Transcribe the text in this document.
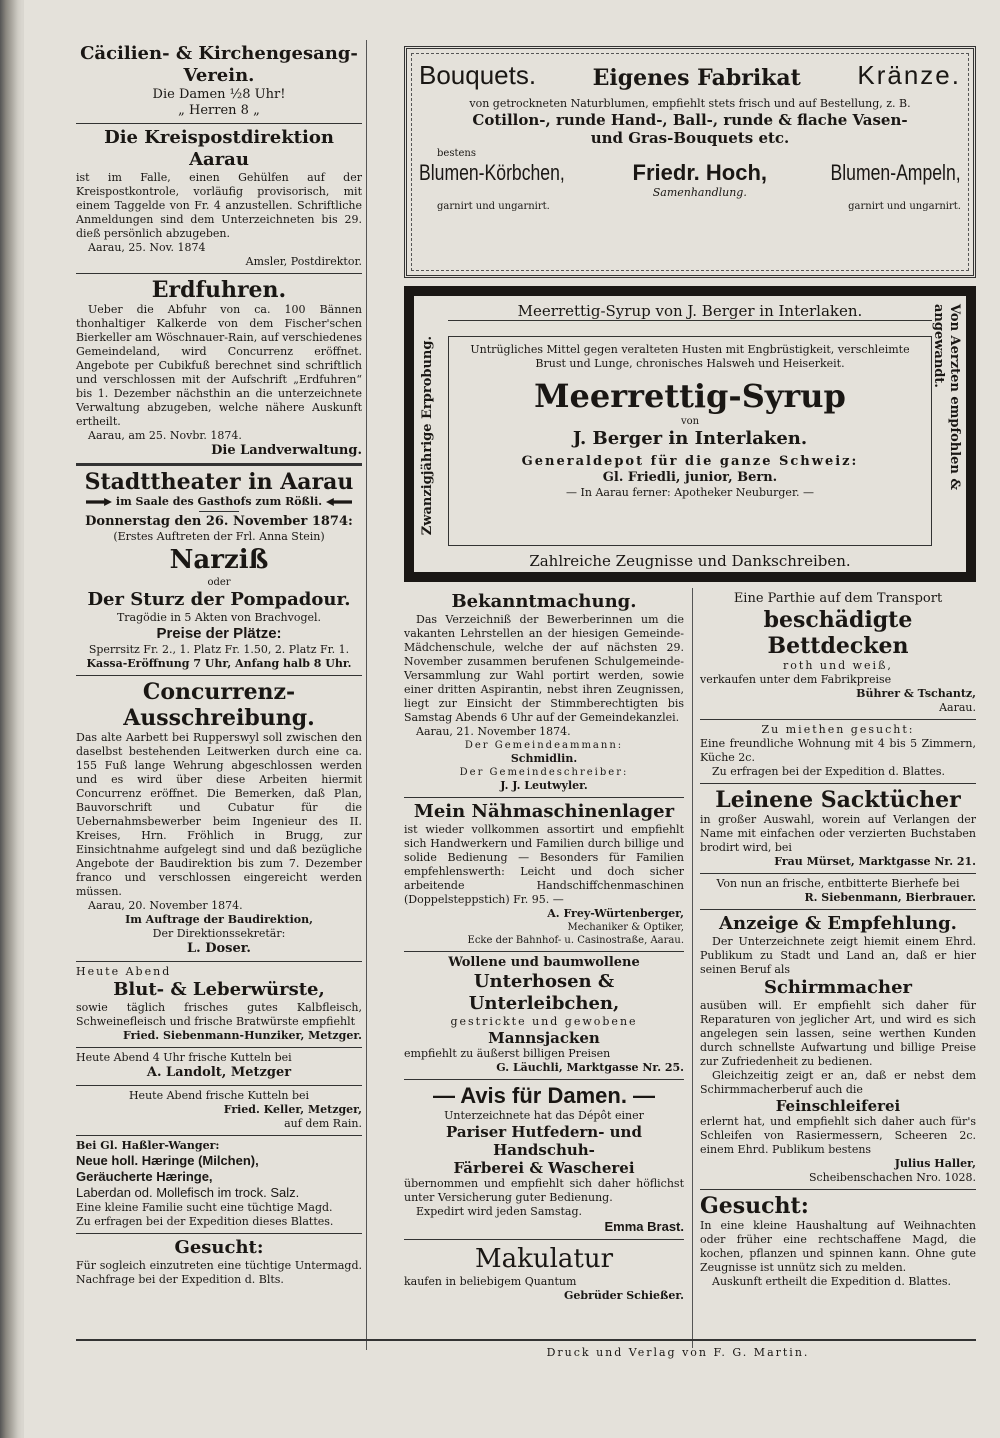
Cäcilien- & Kirchengesang-Verein.
Die Damen ½8 Uhr!
„ Herren 8 „
Die Kreispostdirektion Aarau
ist im Falle, einen Gehülfen auf der Kreispostkontrole, vorläufig provisorisch, mit einem Taggelde von Fr. 4 anzustellen. Schriftliche Anmeldungen sind dem Unterzeichneten bis 29. dieß persönlich abzugeben.
Aarau, 25. Nov. 1874
Amsler, Postdirektor.
Erdfuhren.
Ueber die Abfuhr von ca. 100 Bännen thonhaltiger Kalkerde von dem Fischer'schen Bierkeller am Wöschnauer-Rain, auf verschiedenes Gemeindeland, wird Concurrenz eröffnet. Angebote per Cubikfuß berechnet sind schriftlich und verschlossen mit der Aufschrift „Erdfuhren“ bis 1. Dezember nächsthin an die unterzeichnete Verwaltung abzugeben, welche nähere Auskunft ertheilt.
Aarau, am 25. Novbr. 1874.
Die Landverwaltung.
Stadttheater in Aarau
im Saale des Gasthofs zum Rößli.
Donnerstag den 26. November 1874:
(Erstes Auftreten der Frl. Anna Stein)
Narziß
oder
Der Sturz der Pompadour.
Tragödie in 5 Akten von Brachvogel.
Preise der Plätze:
Sperrsitz Fr. 2., 1. Platz Fr. 1.50, 2. Platz Fr. 1.
Kassa-Eröffnung 7 Uhr, Anfang halb 8 Uhr.
Concurrenz-Ausschreibung.
Das alte Aarbett bei Rupperswyl soll zwischen den daselbst bestehenden Leitwerken durch eine ca. 155 Fuß lange Wehrung abgeschlossen werden und es wird über diese Arbeiten hiermit Concurrenz eröffnet. Die Bemerken, daß Plan, Bauvorschrift und Cubatur für die Uebernahmsbewerber beim Ingenieur des II. Kreises, Hrn. Fröhlich in Brugg, zur Einsichtnahme aufgelegt sind und daß bezügliche Angebote der Baudirektion bis zum 7. Dezember franco und verschlossen eingereicht werden müssen.
Aarau, 20. November 1874.
Im Auftrage der Baudirektion,
Der Direktionssekretär:
L. Doser.
Heute Abend
Blut- & Leberwürste,
sowie täglich frisches gutes Kalbfleisch, Schweinefleisch und frische Bratwürste empfiehlt
Fried. Siebenmann-Hunziker, Metzger.
Heute Abend 4 Uhr frische Kutteln bei
A. Landolt, Metzger
Heute Abend frische Kutteln bei
Fried. Keller, Metzger,
auf dem Rain.
Bei Gl. Haßler-Wanger:
Neue holl. Hæringe (Milchen),
Geräucherte Hæringe,
Laberdan od. Mollefisch im trock. Salz.
Eine kleine Familie sucht eine tüchtige Magd.
Zu erfragen bei der Expedition dieses Blattes.
Gesucht:
Für sogleich einzutreten eine tüchtige Untermagd. Nachfrage bei der Expedition d. Blts.
Bouquets.	Eigenes Fabrikat Kränze.
von getrockneten Naturblumen, empfiehlt stets frisch und auf Bestellung, z. B.
Cotillon-, runde Hand-, Ball-, runde & flache Vasen-
und Gras-Bouquets etc.
bestens
Blumen-Körbchen,	Friedr. Hoch,
Samenhandlung.
Blumen-Ampeln,
garnirt und ungarnirt.	garnirt und ungarnirt.
Meerrettig-Syrup von J. Berger in Interlaken.
Zwanzigjährige Erprobung.	Von Aerzten empfohlen & angewandt.
Untrügliches Mittel gegen veralteten Husten mit Engbrüstigkeit, verschleimte Brust und Lunge, chronisches Halsweh und Heiserkeit.
Meerrettig-Syrup
von
J. Berger in Interlaken.
Generaldepot für die ganze Schweiz:
Gl. Friedli, junior, Bern.
— In Aarau ferner: Apotheker Neuburger. —
Zahlreiche Zeugnisse und Dankschreiben.
Bekanntmachung.
Das Verzeichniß der Bewerberinnen um die vakanten Lehrstellen an der hiesigen Gemeinde-Mädchenschule, welche der auf nächsten 29. November zusammen berufenen Schulgemeinde-Versammlung zur Wahl portirt werden, sowie einer dritten Aspirantin, nebst ihren Zeugnissen, liegt zur Einsicht der Stimmberechtigten bis Samstag Abends 6 Uhr auf der Gemeindekanzlei.
Aarau, 21. November 1874.
Der Gemeindeammann:
Schmidlin.
Der Gemeindeschreiber:
J. J. Leutwyler.
Mein Nähmaschinenlager
ist wieder vollkommen assortirt und empfiehlt sich Handwerkern und Familien durch billige und solide Bedienung — Besonders für Familien empfehlenswerth: Leicht und doch sicher arbeitende Handschiffchenmaschinen (Doppelsteppstich) Fr. 95. —
A. Frey-Würtenberger,
Mechaniker & Optiker,
Ecke der Bahnhof- u. Casinostraße, Aarau.
Wollene und baumwollene
Unterhosen & Unterleibchen,
gestrickte und gewobene
Mannsjacken
empfiehlt zu äußerst billigen Preisen
G. Läuchli, Marktgasse Nr. 25.
— Avis für Damen. —
Unterzeichnete hat das Dépôt einer
Pariser Hutfedern- und Handschuh-
Färberei & Wascherei
übernommen und empfiehlt sich daher höflichst unter Versicherung guter Bedienung.
Expedirt wird jeden Samstag.
Emma Brast.
Makulatur
kaufen in beliebigem Quantum
Gebrüder Schießer.
Eine Parthie auf dem Transport
beschädigte Bettdecken
roth und weiß,
verkaufen unter dem Fabrikpreise
Bührer & Tschantz,
Aarau.
Zu miethen gesucht:
Eine freundliche Wohnung mit 4 bis 5 Zimmern, Küche 2c.
Zu erfragen bei der Expedition d. Blattes.
Leinene Sacktücher
in großer Auswahl, worein auf Verlangen der Name mit einfachen oder verzierten Buchstaben brodirt wird, bei
Frau Mürset, Marktgasse Nr. 21.
Von nun an frische, entbitterte Bierhefe bei
R. Siebenmann, Bierbrauer.
Anzeige & Empfehlung.
Der Unterzeichnete zeigt hiemit einem Ehrd. Publikum zu Stadt und Land an, daß er hier seinen Beruf als
Schirmmacher
ausüben will. Er empfiehlt sich daher für Reparaturen von jeglicher Art, und wird es sich angelegen sein lassen, seine werthen Kunden durch schnellste Aufwartung und billige Preise zur Zufriedenheit zu bedienen.
Gleichzeitig zeigt er an, daß er nebst dem Schirmmacherberuf auch die
Feinschleiferei
erlernt hat, und empfiehlt sich daher auch für's Schleifen von Rasiermessern, Scheeren 2c. einem Ehrd. Publikum bestens
Julius Haller,
Scheibenschachen Nro. 1028.
Gesucht:
In eine kleine Haushaltung auf Weihnachten oder früher eine rechtschaffene Magd, die kochen, pflanzen und spinnen kann. Ohne gute Zeugnisse ist unnütz sich zu melden.
Auskunft ertheilt die Expedition d. Blattes.
Druck und Verlag von F. G. Martin.
